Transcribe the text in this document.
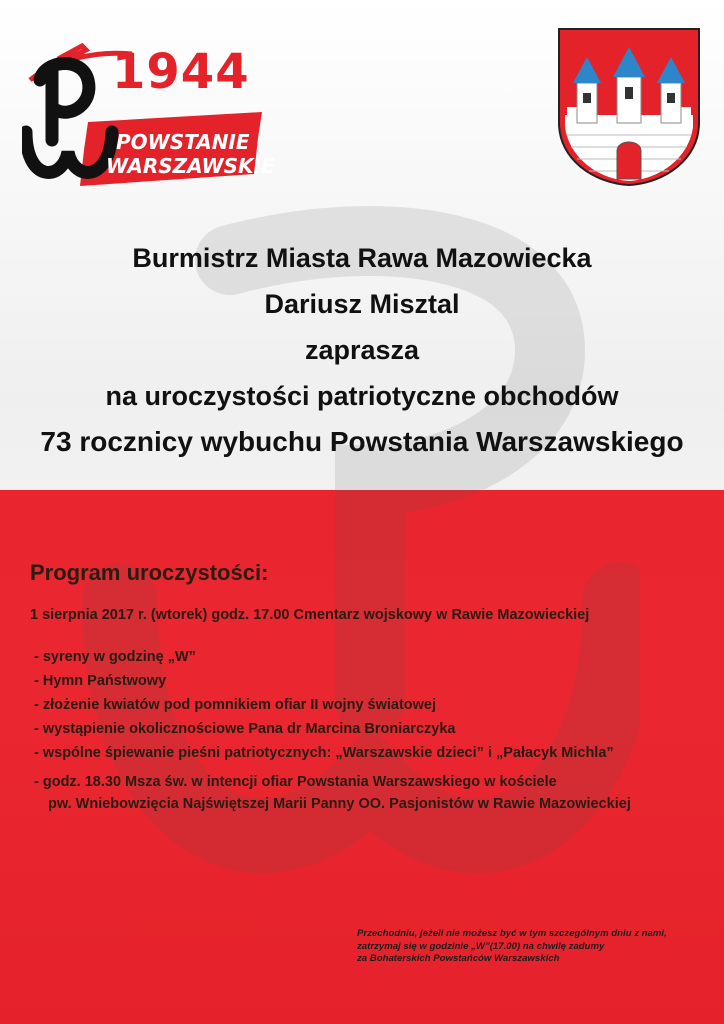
1944
POWSTANIE
WARSZAWSKIE
Burmistrz Miasta Rawa Mazowiecka
Dariusz Misztal
zaprasza
na uroczystości patriotyczne obchodów
73 rocznicy wybuchu Powstania Warszawskiego
Program uroczystości:
1 sierpnia 2017 r. (wtorek) godz. 17.00 Cmentarz wojskowy w Rawie Mazowieckiej
- syreny w godzinę „W”
- Hymn Państwowy
- złożenie kwiatów pod pomnikiem ofiar II wojny światowej
- wystąpienie okolicznościowe Pana dr Marcina Broniarczyka
- wspólne śpiewanie pieśni patriotycznych: „Warszawskie dzieci” i „Pałacyk Michla”
- godz. 18.30 Msza św. w intencji ofiar Powstania Warszawskiego w kościele
pw. Wniebowzięcia Najświętszej Marii Panny OO. Pasjonistów w Rawie Mazowieckiej
Przechodniu, jeżeli nie możesz być w tym szczególnym dniu z nami,
zatrzymaj się w godzinie „W”(17.00) na chwilę zadumy
za Bohaterskich Powstańców Warszawskich
